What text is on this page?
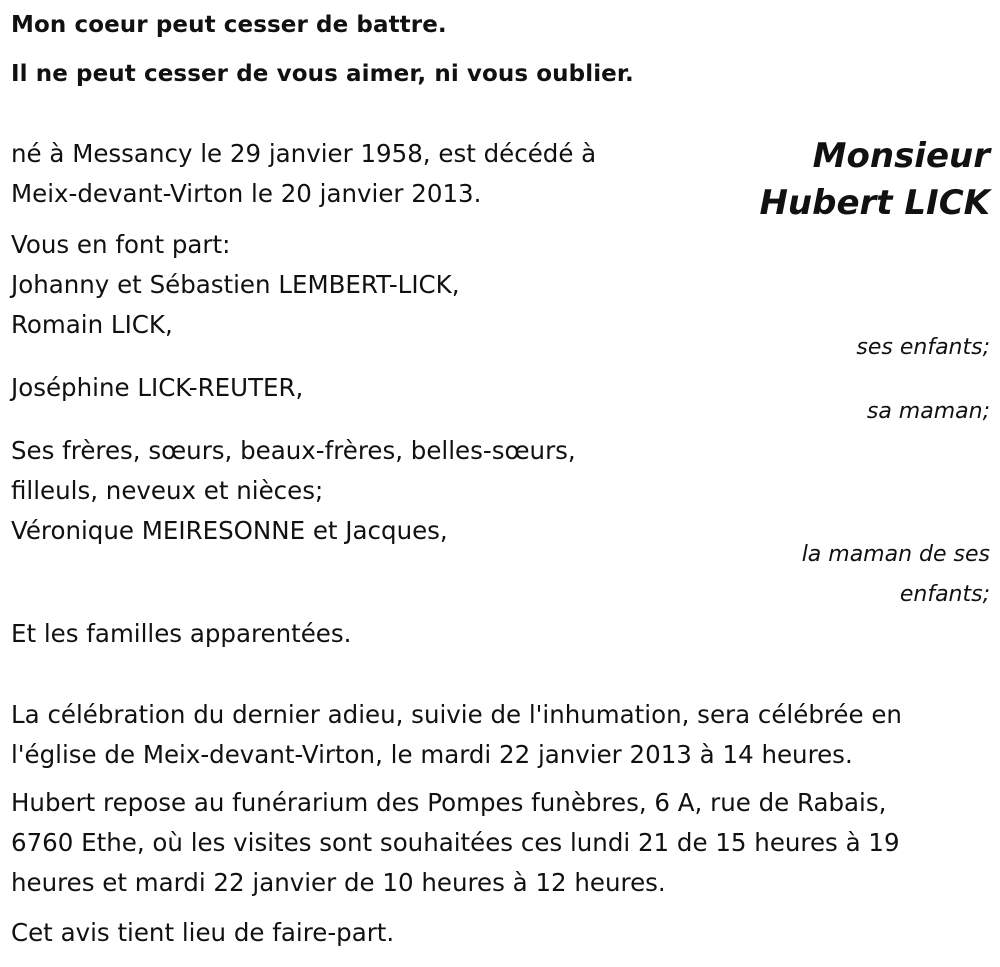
Mon coeur peut cesser de battre.
Il ne peut cesser de vous aimer, ni vous oublier.
Monsieur
Hubert LICK
né à Messancy le 29 janvier 1958, est décédé à
Meix-devant-Virton le 20 janvier 2013.
Vous en font part:
Johanny et Sébastien LEMBERT-LICK,
Romain LICK,
ses enfants;
Joséphine LICK-REUTER,
sa maman;
Ses frères, sœurs, beaux-frères, belles-sœurs,
filleuls, neveux et nièces;
Véronique MEIRESONNE et Jacques,
la maman de ses
enfants;
Et les familles apparentées.
La célébration du dernier adieu, suivie de l'inhumation, sera célébrée en
l'église de Meix-devant-Virton, le mardi 22 janvier 2013 à 14 heures.
Hubert repose au funérarium des Pompes funèbres, 6 A, rue de Rabais,
6760 Ethe, où les visites sont souhaitées ces lundi 21 de 15 heures à 19
heures et mardi 22 janvier de 10 heures à 12 heures.
Cet avis tient lieu de faire-part.
